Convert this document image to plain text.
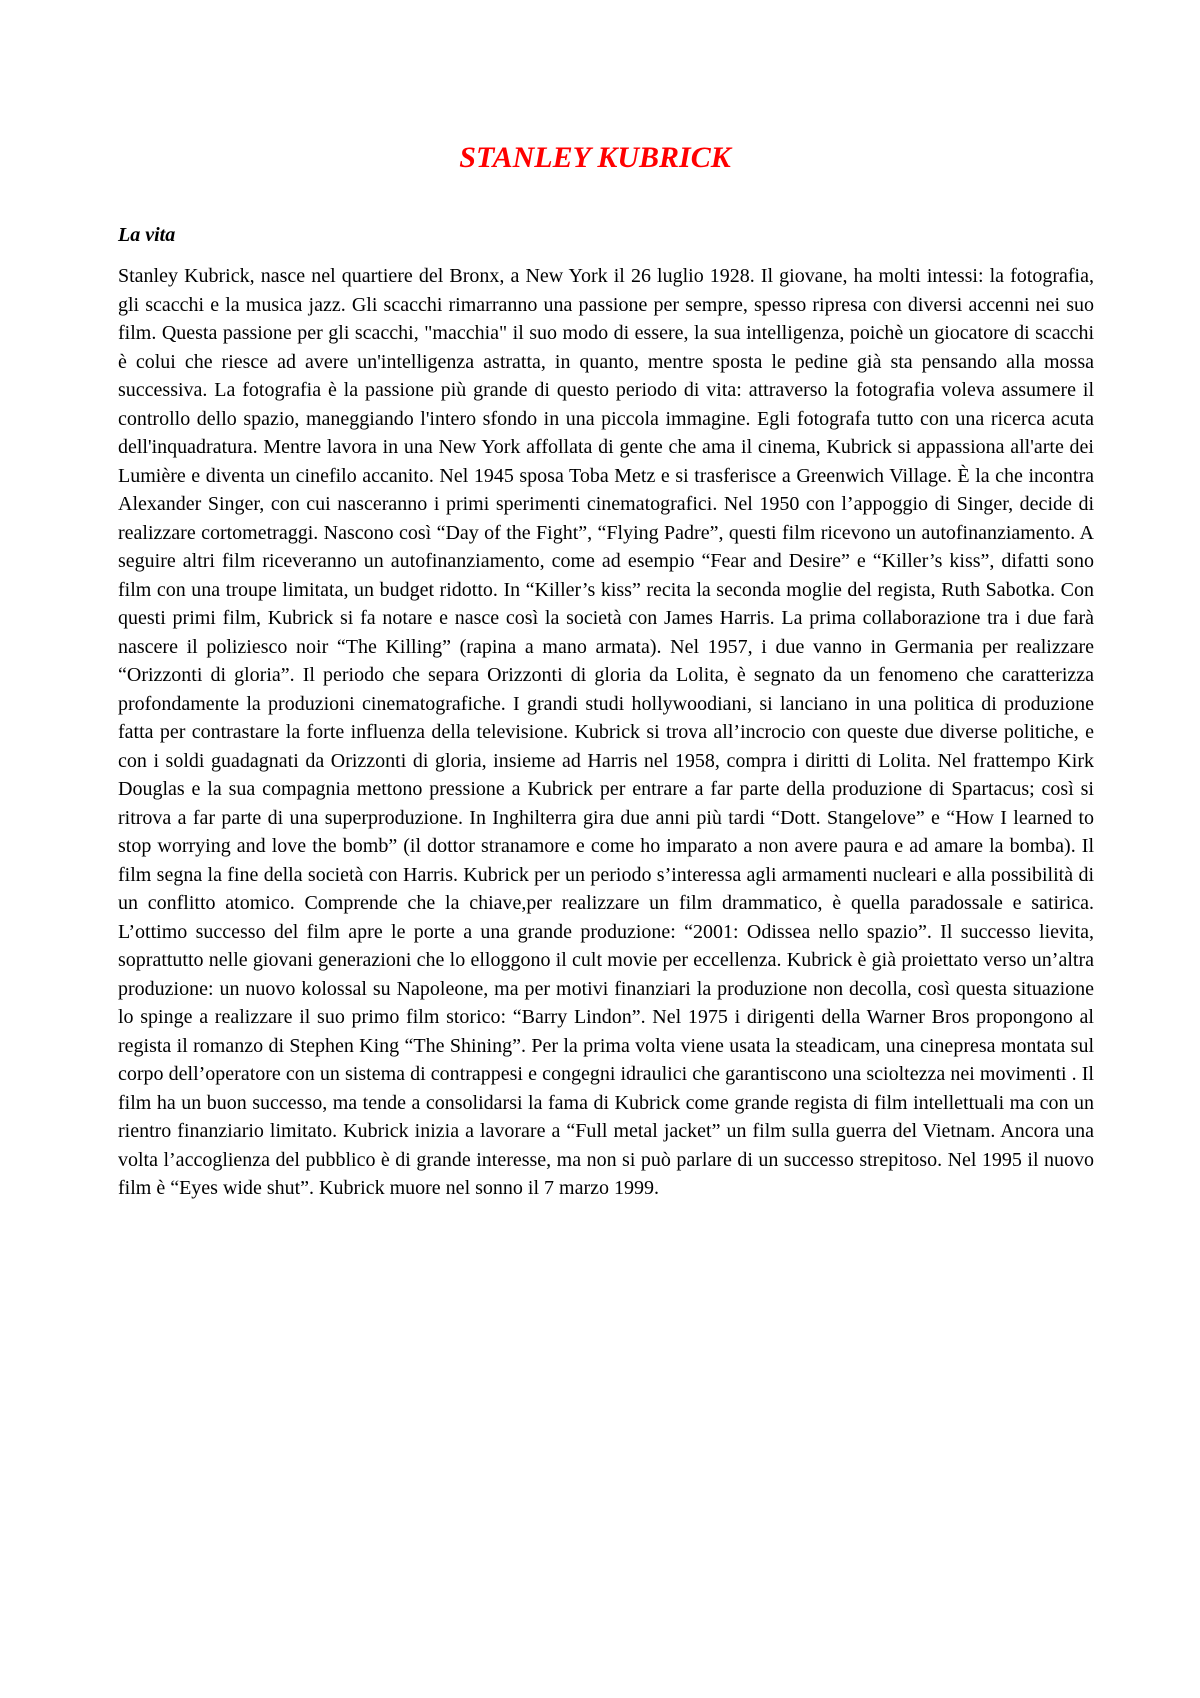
STANLEY KUBRICK
La vita

Stanley Kubrick, nasce nel quartiere del Bronx, a New York il 26 luglio 1928. Il giovane, ha molti intessi: la fotografia, gli scacchi e la musica jazz. Gli scacchi rimarranno una passione per sempre, spesso ripresa con diversi accenni nei suo film. Questa passione per gli scacchi, "macchia" il suo modo di essere, la sua intelligenza, poichè un giocatore di scacchi è colui che riesce ad avere un'intelligenza astratta, in quanto, mentre sposta le pedine già sta pensando alla mossa successiva. La fotografia è la passione più grande di questo periodo di vita: attraverso la fotografia voleva assumere il controllo dello spazio, maneggiando l'intero sfondo in una piccola immagine. Egli fotografa tutto con una ricerca acuta dell'inquadratura. Mentre lavora in una New York affollata di gente che ama il cinema, Kubrick si appassiona all'arte dei Lumière e diventa un cinefilo accanito. Nel 1945 sposa Toba Metz e si trasferisce a Greenwich Village. È la che incontra Alexander Singer, con cui nasceranno i primi sperimenti cinematografici. Nel 1950 con l’appoggio di Singer, decide di realizzare cortometraggi. Nascono così “Day of the Fight”, “Flying Padre”, questi film ricevono un autofinanziamento. A seguire altri film riceveranno un autofinanziamento, come ad esempio “Fear and Desire” e “Killer’s kiss”, difatti sono film con una troupe limitata, un budget ridotto. In “Killer’s kiss” recita la seconda moglie del regista, Ruth Sabotka. Con questi primi film, Kubrick si fa notare e nasce così la società con James Harris. La prima collaborazione tra i due farà nascere il poliziesco noir “The Killing” (rapina a mano armata). Nel 1957, i due vanno in Germania per realizzare “Orizzonti di gloria”. Il periodo che separa Orizzonti di gloria da Lolita, è segnato da un fenomeno che caratterizza profondamente la produzioni cinematografiche. I grandi studi hollywoodiani, si lanciano in una politica di produzione fatta per contrastare la forte influenza della televisione. Kubrick si trova all’incrocio con queste due diverse politiche, e con i soldi guadagnati da Orizzonti di gloria, insieme ad Harris nel 1958, compra i diritti di Lolita. Nel frattempo Kirk Douglas e la sua compagnia mettono pressione a Kubrick per entrare a far parte della produzione di Spartacus; così si ritrova a far parte di una superproduzione. In Inghilterra gira due anni più tardi “Dott. Stangelove” e “How I learned to stop worrying and love the bomb” (il dottor stranamore e come ho imparato a non avere paura e ad amare la bomba). Il film segna la fine della società con Harris. Kubrick per un periodo s’interessa agli armamenti nucleari e alla possibilità di un conflitto atomico. Comprende che la chiave,per realizzare un film drammatico, è quella paradossale e satirica. L’ottimo successo del film apre le porte a una grande produzione: “2001: Odissea nello spazio”. Il successo lievita, soprattutto nelle giovani generazioni che lo elloggono il cult movie per eccellenza. Kubrick è già proiettato verso un’altra produzione: un nuovo kolossal su Napoleone, ma per motivi finanziari la produzione non decolla, così questa situazione lo spinge a realizzare il suo primo film storico: “Barry Lindon”. Nel 1975 i dirigenti della Warner Bros propongono al regista il romanzo di Stephen King “The Shining”. Per la prima volta viene usata la steadicam, una cinepresa montata sul corpo dell’operatore con un sistema di contrappesi e congegni idraulici che garantiscono una scioltezza nei movimenti . Il film ha un buon successo, ma tende a consolidarsi la fama di Kubrick come grande regista di film intellettuali ma con un rientro finanziario limitato. Kubrick inizia a lavorare a “Full metal jacket” un film sulla guerra del Vietnam. Ancora una volta l’accoglienza del pubblico è di grande interesse, ma non si può parlare di un successo strepitoso. Nel 1995 il nuovo film è “Eyes wide shut”. Kubrick muore nel sonno il 7 marzo 1999.
